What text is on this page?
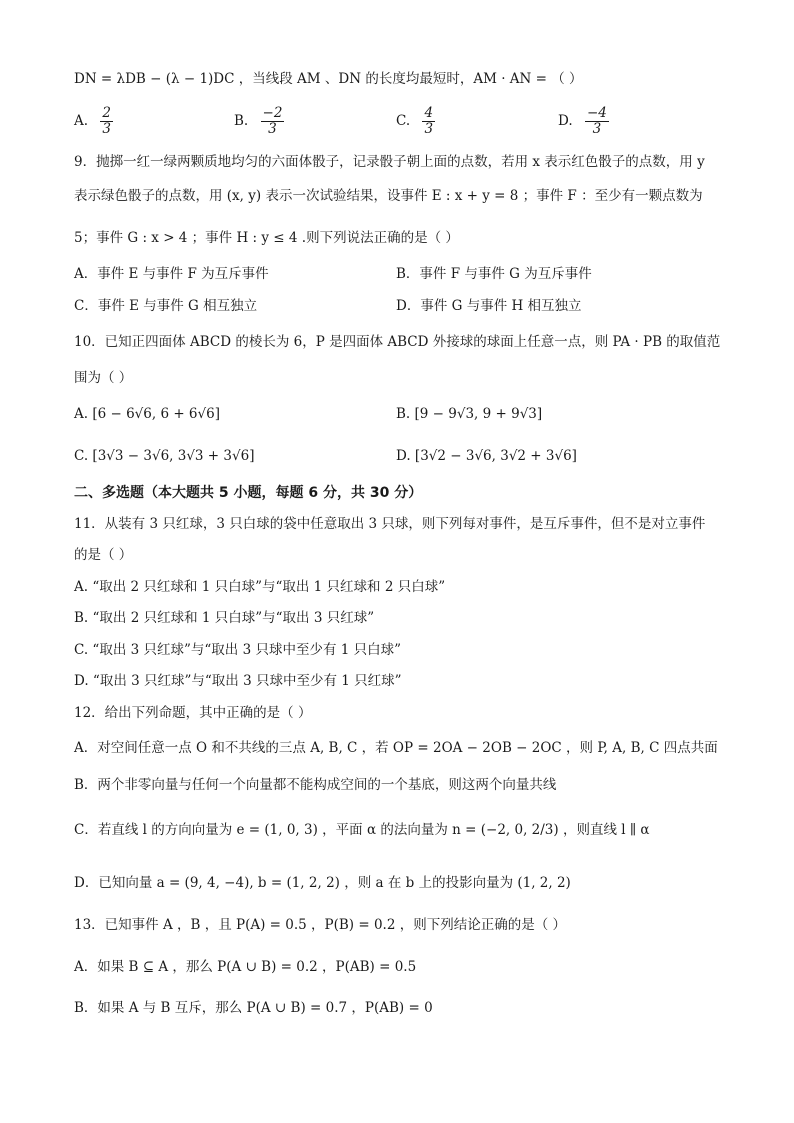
DN = λDB − (λ − 1)DC ，当线段 AM 、DN 的长度均最短时，AM · AN = （ ）
A. $\frac{2}{3}$	B. $\frac{-2}{3}$	C. $\frac{4}{3}$	D. $\frac{-4}{3}$
9．抛掷一红一绿两颗质地均匀的六面体骰子，记录骰子朝上面的点数，若用 x 表示红色骰子的点数，用 y
表示绿色骰子的点数，用 (x, y) 表示一次试验结果，设事件 E : x + y = 8 ；事件 F ：至少有一颗点数为
5；事件 G : x > 4 ；事件 H : y ≤ 4 .则下列说法正确的是（ ）
A．事件 E 与事件 F 为互斥事件	B．事件 F 与事件 G 为互斥事件
C．事件 E 与事件 G 相互独立	D．事件 G 与事件 H 相互独立
10．已知正四面体 ABCD 的棱长为 6，P 是四面体 ABCD 外接球的球面上任意一点，则 PA · PB 的取值范
围为（ ）
A. [6 − 6√6, 6 + 6√6]	B. [9 − 9√3, 9 + 9√3]
C. [3√3 − 3√6, 3√3 + 3√6]	D. [3√2 − 3√6, 3√2 + 3√6]
二、多选题（本大题共 5 小题，每题 6 分，共 30 分）
11．从装有 3 只红球，3 只白球的袋中任意取出 3 只球，则下列每对事件，是互斥事件，但不是对立事件
的是（ ）
A. “取出 2 只红球和 1 只白球”与“取出 1 只红球和 2 只白球”
B. “取出 2 只红球和 1 只白球”与“取出 3 只红球”
C. “取出 3 只红球”与“取出 3 只球中至少有 1 只白球”
D. “取出 3 只红球”与“取出 3 只球中至少有 1 只红球”
12．给出下列命题，其中正确的是（ ）
A．对空间任意一点 O 和不共线的三点 A, B, C ，若 OP = 2OA − 2OB − 2OC ，则 P, A, B, C 四点共面
B．两个非零向量与任何一个向量都不能构成空间的一个基底，则这两个向量共线
C．若直线 l 的方向向量为 e = (1, 0, 3) ，平面 α 的法向量为 n = (−2, 0, 2/3) ，则直线 l ∥ α
D．已知向量 a = (9, 4, −4), b = (1, 2, 2) ，则 a 在 b 上的投影向量为 (1, 2, 2)
13．已知事件 A ，B ，且 P(A) = 0.5 ，P(B) = 0.2 ，则下列结论正确的是（ ）
A．如果 B ⊆ A ，那么 P(A ∪ B) = 0.2 ，P(AB) = 0.5
B．如果 A 与 B 互斥，那么 P(A ∪ B) = 0.7 ，P(AB) = 0
